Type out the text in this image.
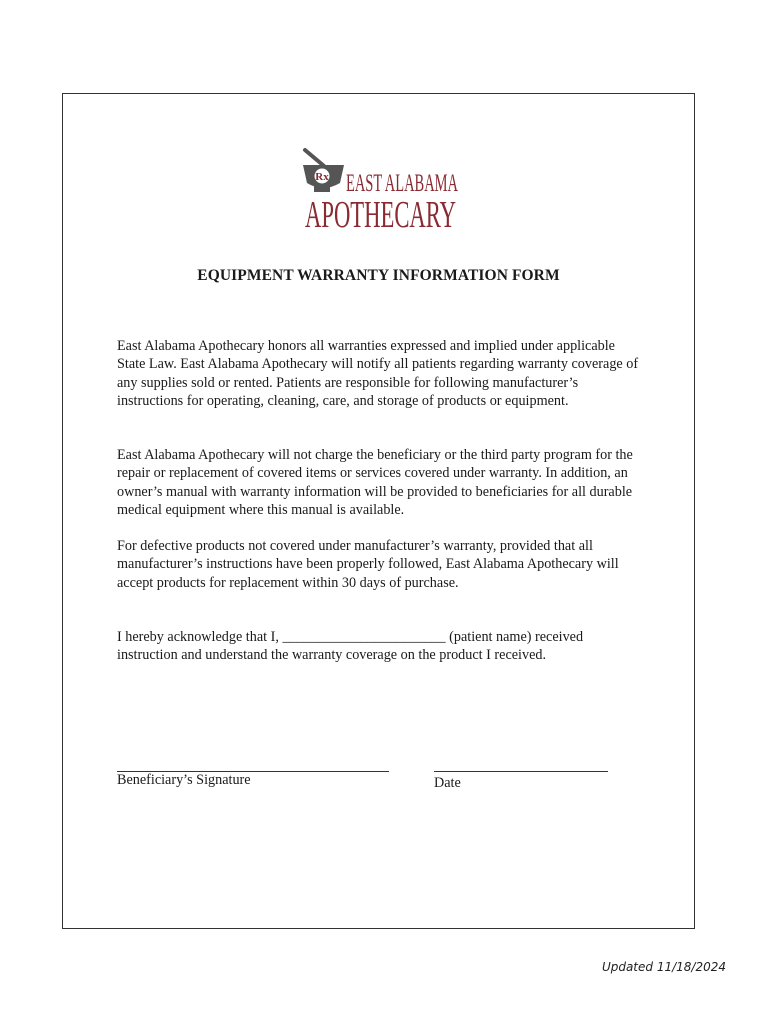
Rx EAST ALABAMA
APOTHECARY
EQUIPMENT WARRANTY INFORMATION FORM

East Alabama Apothecary honors all warranties expressed and implied under applicable State Law. East Alabama Apothecary will notify all patients regarding warranty coverage of any supplies sold or rented. Patients are responsible for following manufacturer’s instructions for operating, cleaning, care, and storage of products or equipment.

East Alabama Apothecary will not charge the beneficiary or the third party program for the repair or replacement of covered items or services covered under warranty. In addition, an owner’s manual with warranty information will be provided to beneficiaries for all durable medical equipment where this manual is available.

For defective products not covered under manufacturer’s warranty, provided that all manufacturer’s instructions have been properly followed, East Alabama Apothecary will accept products for replacement within 30 days of purchase.

I hereby acknowledge that I, _______________________ (patient name) received instruction and understand the warranty coverage on the product I received.

Beneficiary’s Signature	Date
Updated 11/18/2024
